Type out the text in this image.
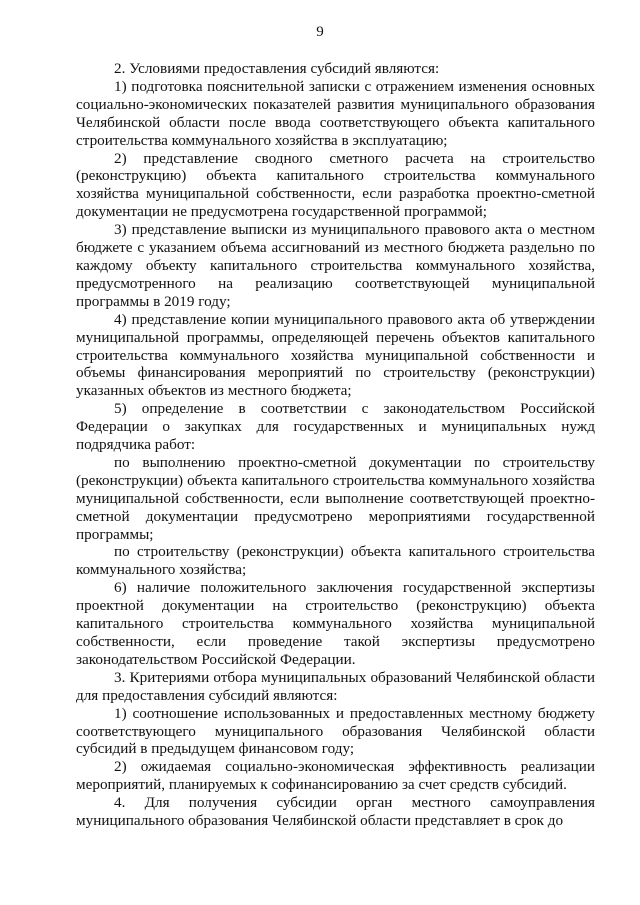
9

2. Условиями предоставления субсидий являются:

1) подготовка пояснительной записки с отражением изменения основных социально-экономических показателей развития муниципального образования Челябинской области после ввода соответствующего объекта капитального строительства коммунального хозяйства в эксплуатацию;

2) представление сводного сметного расчета на строительство (реконструкцию) объекта капитального строительства коммунального хозяйства муниципальной собственности, если разработка проектно-сметной документации не предусмотрена государственной программой;

3) представление выписки из муниципального правового акта о местном бюджете с указанием объема ассигнований из местного бюджета раздельно по каждому объекту капитального строительства коммунального хозяйства, предусмотренного на реализацию соответствующей муниципальной программы в 2019 году;

4) представление копии муниципального правового акта об утверждении муниципальной программы, определяющей перечень объектов капитального строительства коммунального хозяйства муниципальной собственности и объемы финансирования мероприятий по строительству (реконструкции) указанных объектов из местного бюджета;

5) определение в соответствии с законодательством Российской Федерации о закупках для государственных и муниципальных нужд подрядчика работ:

по выполнению проектно-сметной документации по строительству (реконструкции) объекта капитального строительства коммунального хозяйства муниципальной собственности, если выполнение соответствующей проектно-сметной документации предусмотрено мероприятиями государственной программы;

по строительству (реконструкции) объекта капитального строительства коммунального хозяйства;

6) наличие положительного заключения государственной экспертизы проектной документации на строительство (реконструкцию) объекта капитального строительства коммунального хозяйства муниципальной собственности, если проведение такой экспертизы предусмотрено законодательством Российской Федерации.

3. Критериями отбора муниципальных образований Челябинской области для предоставления субсидий являются:

1) соотношение использованных и предоставленных местному бюджету соответствующего муниципального образования Челябинской области субсидий в предыдущем финансовом году;

2) ожидаемая социально-экономическая эффективность реализации мероприятий, планируемых к софинансированию за счет средств субсидий.

4. Для получения субсидии орган местного самоуправления муниципального образования Челябинской области представляет в срок до
